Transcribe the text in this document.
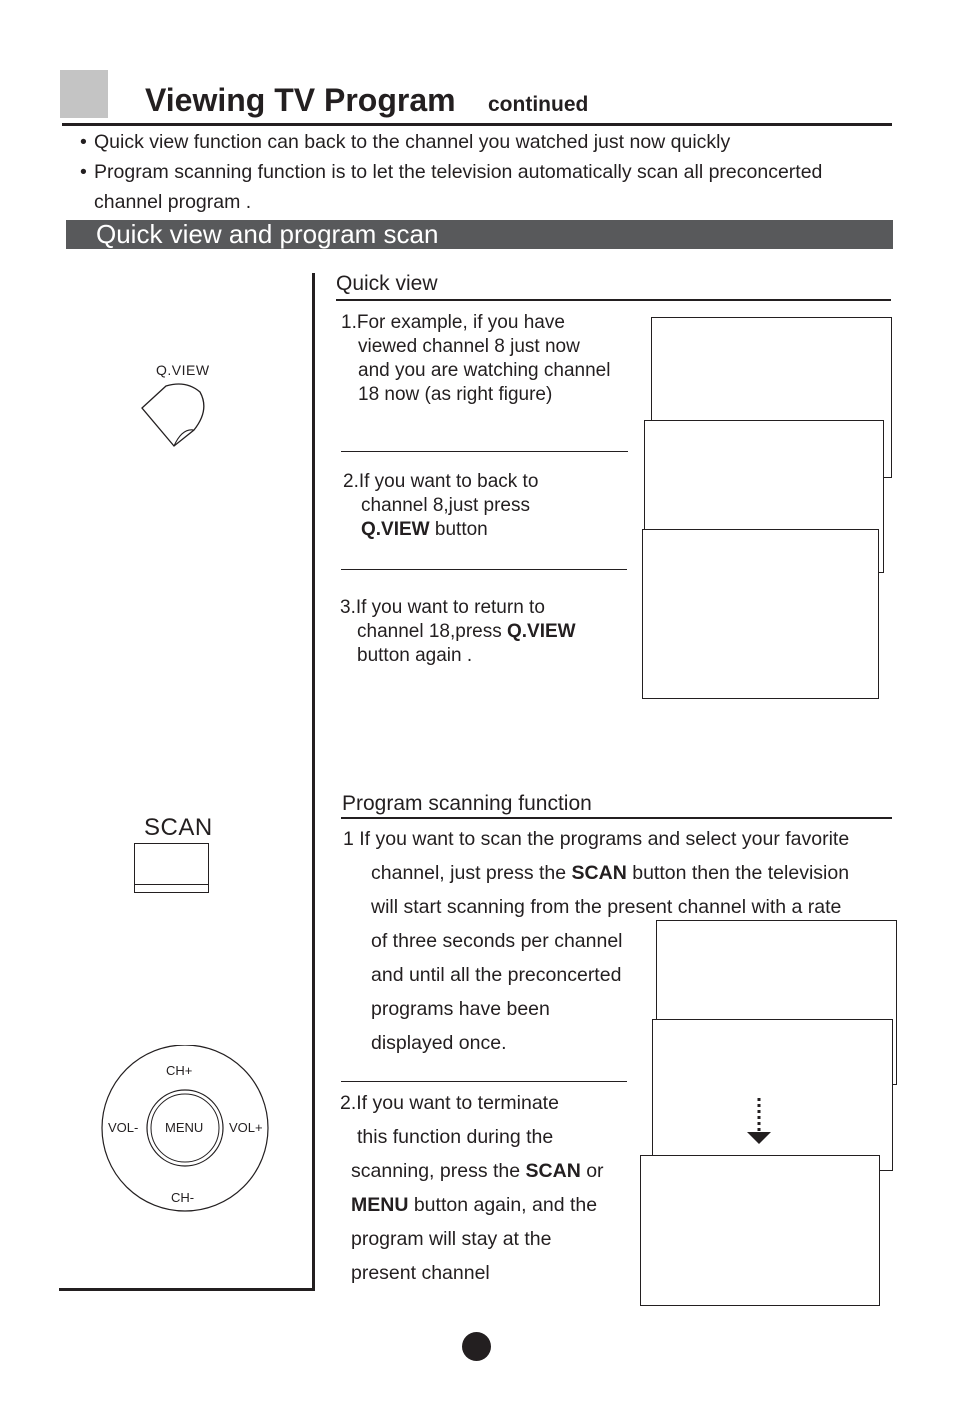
Viewing TV Program continued
• Quick view function can back to the channel you watched just now quickly
• Program scanning function is to let the television automatically scan all preconcerted
channel program .
Quick view and program scan
Q.VIEW
SCAN
CH+
CH-
VOL-	VOL+
MENU
Quick view
1.For example, if you have
viewed channel 8 just now
and you are watching channel
18 now (as right figure)
2.If you want to back to
channel 8,just press
Q.VIEW button
3.If you want to return to
channel 18,press Q.VIEW
button again .
Program scanning function
1 If you want to scan the programs and select your favorite
channel, just press the SCAN button then the television
will start scanning from the present channel with a rate
of three seconds per channel
and until all the preconcerted
programs have been
displayed once.
2.If you want to terminate
this function during the
scanning, press the SCAN or
MENU button again, and the
program will stay at the
present channel
